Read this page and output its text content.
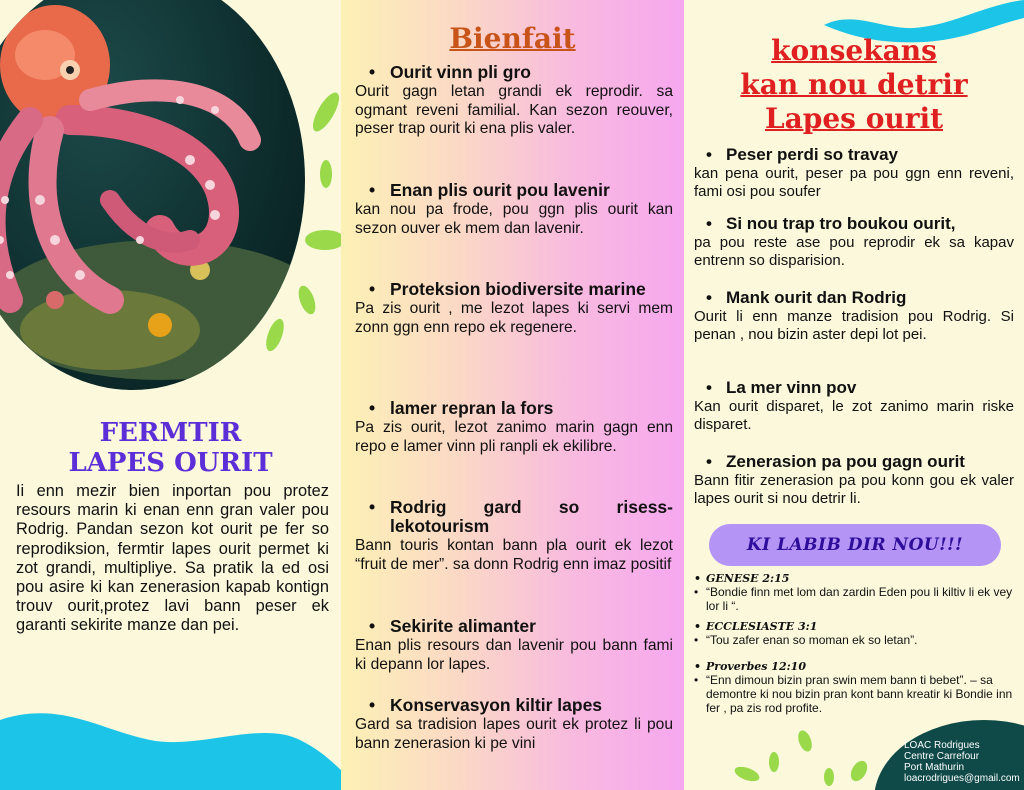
FERMTIR
LAPES OURIT
Ii enn mezir bien inportan pou protez resours marin ki enan enn gran valer pou Rodrig. Pandan sezon kot ourit pe fer so reprodiksion, fermtir lapes ourit permet ki zot grandi, multipliye. Sa pratik la ed osi pou asire ki kan zenerasion kapab kontign trouv ourit,protez lavi bann peser ek garanti sekirite manze dan pei.
Bienfait
• Ourit vinn pli gro
Ourit gagn letan grandi ek reprodir. sa ogmant reveni familial. Kan sezon reouver, peser trap ourit ki ena plis valer.
• Enan plis ourit pou lavenir
kan nou pa frode, pou ggn plis ourit kan sezon ouver ek mem dan lavenir.
• Proteksion biodiversite marine
Pa zis ourit , me lezot lapes ki servi mem zonn ggn enn repo ek regenere.
• lamer repran la fors
Pa zis ourit, lezot zanimo marin gagn enn repo e lamer vinn pli ranpli ek ekilibre.
• Rodrig gard so risess-lekotourism
Bann touris kontan bann pla ourit ek lezot “fruit de mer”. sa donn Rodrig enn imaz positif
• Sekirite alimanter
Enan plis resours dan lavenir pou bann fami ki depann lor lapes.
• Konservasyon kiltir lapes
Gard sa tradision lapes ourit ek protez li pou bann zenerasion ki pe vini
konsekans
kan nou detrir
Lapes ourit
• Peser perdi so travay
kan pena ourit, peser pa pou ggn enn reveni, fami osi pou soufer
• Si nou trap tro boukou ourit,
pa pou reste ase pou reprodir ek sa kapav entrenn so disparision.
• Mank ourit dan Rodrig
Ourit li enn manze tradision pou Rodrig. Si penan , nou bizin aster depi lot pei.
• La mer vinn pov
Kan ourit disparet, le zot zanimo marin riske disparet.
• Zenerasion pa pou gagn ourit
Bann fitir zenerasion pa pou konn gou ek valer lapes ourit si nou detrir li.
KI LABIB DIR NOU!!!
• GENESE 2:15
• “Bondie finn met lom dan zardin Eden pou li kiltiv li ek vey lor li “.
• ECCLESIASTE 3:1
• “Tou zafer enan so moman ek so letan”.
• Proverbes 12:10
• “Enn dimoun bizin pran swin mem bann ti bebet”. – sa demontre ki nou bizin pran kont bann kreatir ki Bondie inn fer , pa zis rod profite.
LOAC Rodrigues
Centre Carrefour
Port Mathurin
loacrodrigues@gmail.com
